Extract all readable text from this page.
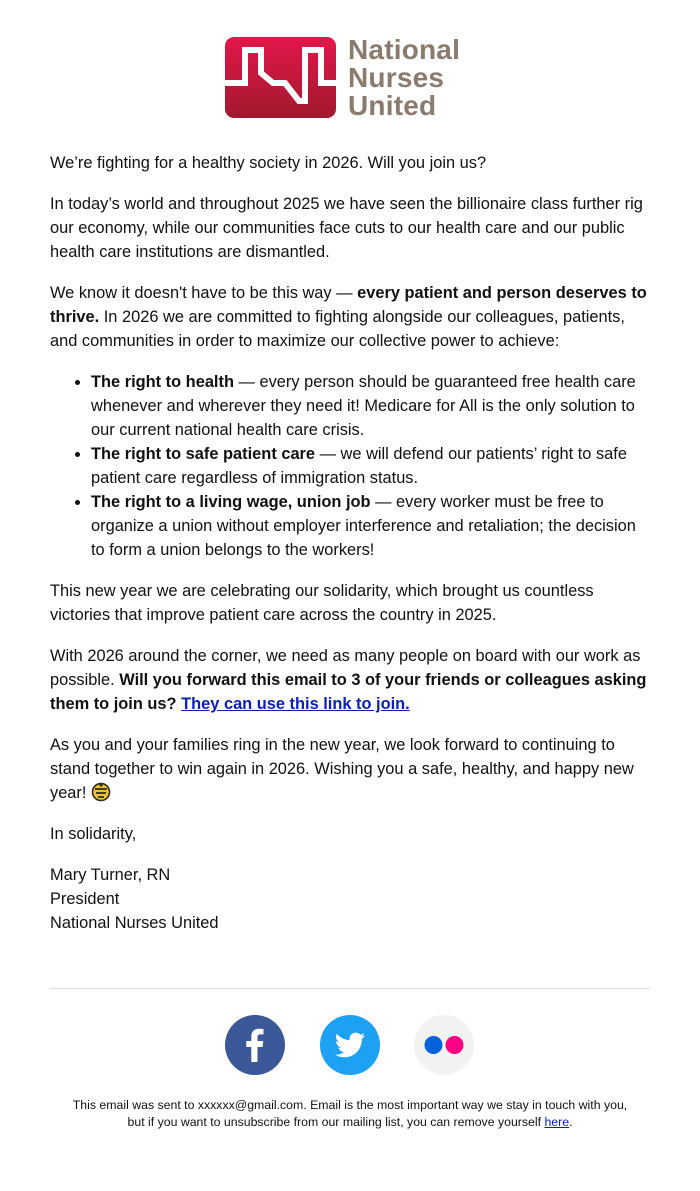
National
Nurses
United

We’re fighting for a healthy society in 2026. Will you join us?

In today’s world and throughout 2025 we have seen the billionaire class further rig our economy, while our communities face cuts to our health care and our public health care institutions are dismantled.

We know it doesn't have to be this way — every patient and person deserves to thrive. In 2026 we are committed to fighting alongside our colleagues, patients, and communities in order to maximize our collective power to achieve:

• The right to health — every person should be guaranteed free health care whenever and wherever they need it! Medicare for All is the only solution to our current national health care crisis.
• The right to safe patient care — we will defend our patients’ right to safe patient care regardless of immigration status.
• The right to a living wage, union job — every worker must be free to organize a union without employer interference and retaliation; the decision to form a union belongs to the workers!

This new year we are celebrating our solidarity, which brought us countless victories that improve patient care across the country in 2025.

With 2026 around the corner, we need as many people on board with our work as possible. Will you forward this email to 3 of your friends or colleagues asking them to join us? They can use this link to join.

As you and your families ring in the new year, we look forward to continuing to stand together to win again in 2026. Wishing you a safe, healthy, and happy new year!

In solidarity,

Mary Turner, RN

President

National Nurses United

This email was sent to xxxxxx@gmail.com. Email is the most important way we stay in touch with you,
but if you want to unsubscribe from our mailing list, you can remove yourself here.
